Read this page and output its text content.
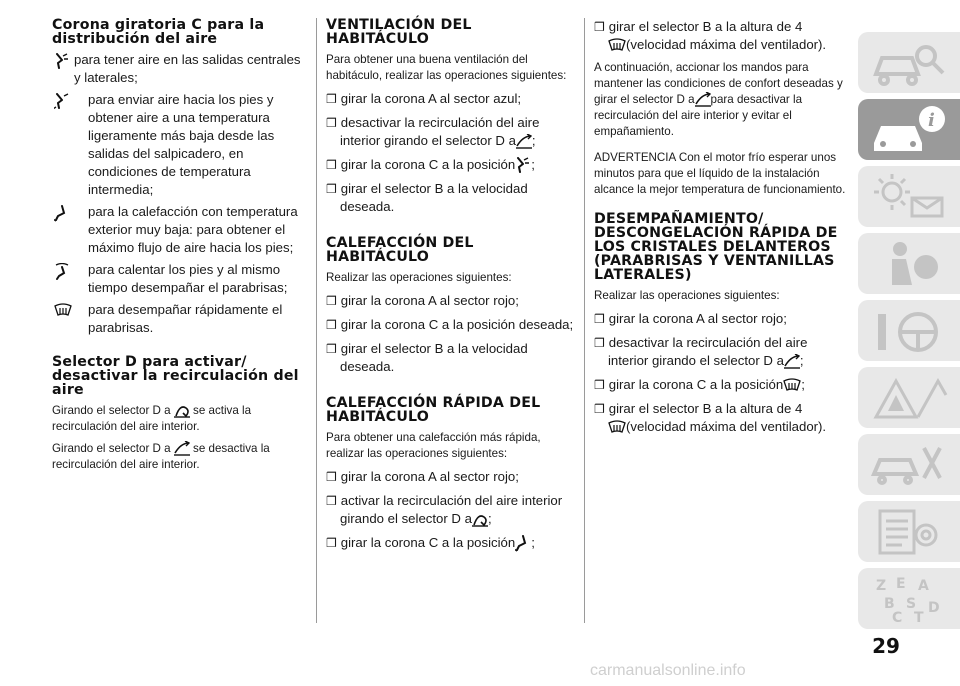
Corona giratoria C para la distribución del aire

para tener aire en las salidas centrales y laterales;

para enviar aire hacia los pies y obtener aire a una temperatura ligeramente más baja desde las salidas del salpicadero, en condiciones de temperatura intermedia;

para la calefacción con temperatura exterior muy baja: para obtener el máximo flujo de aire hacia los pies;

para calentar los pies y al mismo tiempo desempañar el parabrisas;

para desempañar rápidamente el parabrisas.

Selector D para activar/ desactivar la recirculación del aire

Girando el selector D a se activa la recirculación del aire interior.

Girando el selector D a se desactiva la recirculación del aire interior.

VENTILACIÓN DEL HABITÁCULO

Para obtener una buena ventilación del habitáculo, realizar las operaciones siguientes:

❒ girar la corona A al sector azul;

❒ desactivar la recirculación del aire interior girando el selector D a ;

❒ girar la corona C a la posición ;

❒ girar el selector B a la velocidad deseada.

CALEFACCIÓN DEL HABITÁCULO

Realizar las operaciones siguientes:

❒ girar la corona A al sector rojo;

❒ girar la corona C a la posición deseada;

❒ girar el selector B a la velocidad deseada.

CALEFACCIÓN RÁPIDA DEL HABITÁCULO

Para obtener una calefacción más rápida, realizar las operaciones siguientes:

❒ girar la corona A al sector rojo;

❒ activar la recirculación del aire interior girando el selector D a ;

❒ girar la corona C a la posición ;

❒ girar el selector B a la altura de 4
(velocidad máxima del ventilador).

A continuación, accionar los mandos para mantener las condiciones de confort deseadas y girar el selector D a para desactivar la recirculación del aire interior y evitar el empañamiento.

ADVERTENCIA Con el motor frío esperar unos minutos para que el líquido de la instalación alcance la mejor temperatura de funcionamiento.

DESEMPAÑAMIENTO/ DESCONGELACIÓN RÁPIDA DE LOS CRISTALES DELANTEROS (PARABRISAS Y VENTANILLAS LATERALES)

Realizar las operaciones siguientes:

❒ girar la corona A al sector rojo;

❒ desactivar la recirculación del aire interior girando el selector D a ;

❒ girar la corona C a la posición ;

❒ girar el selector B a la altura de 4
(velocidad máxima del ventilador).

i
Z E A
B S D
C T
29
carmanualsonline.info
